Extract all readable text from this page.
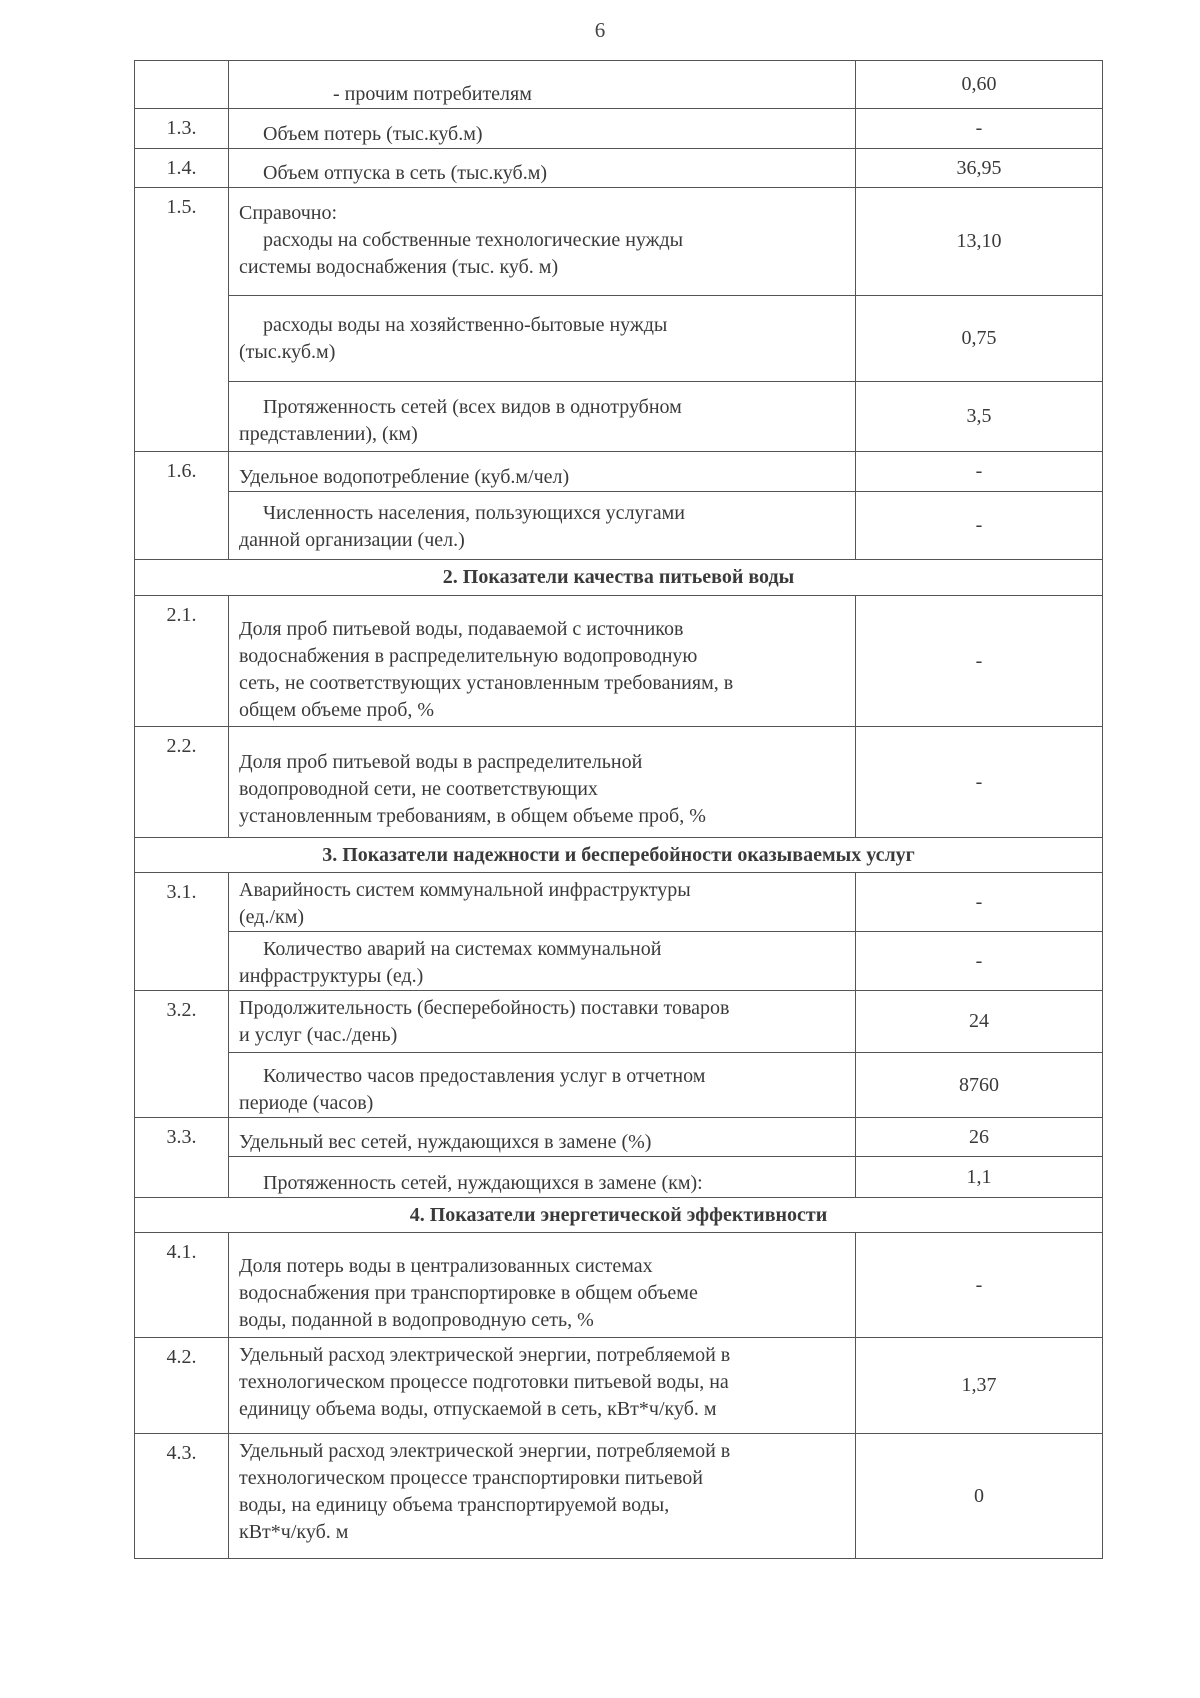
6

	- прочим потребителям	0,60
1.3.	Объем потерь (тыс.куб.м)	-
1.4.	Объем отпуска в сеть (тыс.куб.м)	36,95
1.5.	Справочно:
расходы на собственные технологические нужды
системы водоснабжения (тыс. куб. м)	13,10
	расходы воды на хозяйственно-бытовые нужды
(тыс.куб.м)	0,75
	Протяженность сетей (всех видов в однотрубном
представлении), (км)	3,5
1.6.	Удельное водопотребление (куб.м/чел)	-
	Численность населения, пользующихся услугами
данной организации (чел.)	-
2. Показатели качества питьевой воды		
2.1.	Доля проб питьевой воды, подаваемой с источников
водоснабжения в распределительную водопроводную
сеть, не соответствующих установленным требованиям, в
общем объеме проб, %	-
2.2.	Доля проб питьевой воды в распределительной
водопроводной сети, не соответствующих
установленным требованиям, в общем объеме проб, %	-
3. Показатели надежности и бесперебойности оказываемых услуг		
3.1.	Аварийность систем коммунальной инфраструктуры
(ед./км)	-
	Количество аварий на системах коммунальной
инфраструктуры (ед.)	-
3.2.	Продолжительность (бесперебойность) поставки товаров
и услуг (час./день)	24
	Количество часов предоставления услуг в отчетном
периоде (часов)	8760
3.3.	Удельный вес сетей, нуждающихся в замене (%)	26
	Протяженность сетей, нуждающихся в замене (км):	1,1
4. Показатели энергетической эффективности		
4.1.	Доля потерь воды в централизованных системах
водоснабжения при транспортировке в общем объеме
воды, поданной в водопроводную сеть, %	-
4.2.	Удельный расход электрической энергии, потребляемой в
технологическом процессе подготовки питьевой воды, на
единицу объема воды, отпускаемой в сеть, кВт*ч/куб. м	1,37
4.3.	Удельный расход электрической энергии, потребляемой в
технологическом процессе транспортировки питьевой
воды, на единицу объема транспортируемой воды,
кВт*ч/куб. м	0
